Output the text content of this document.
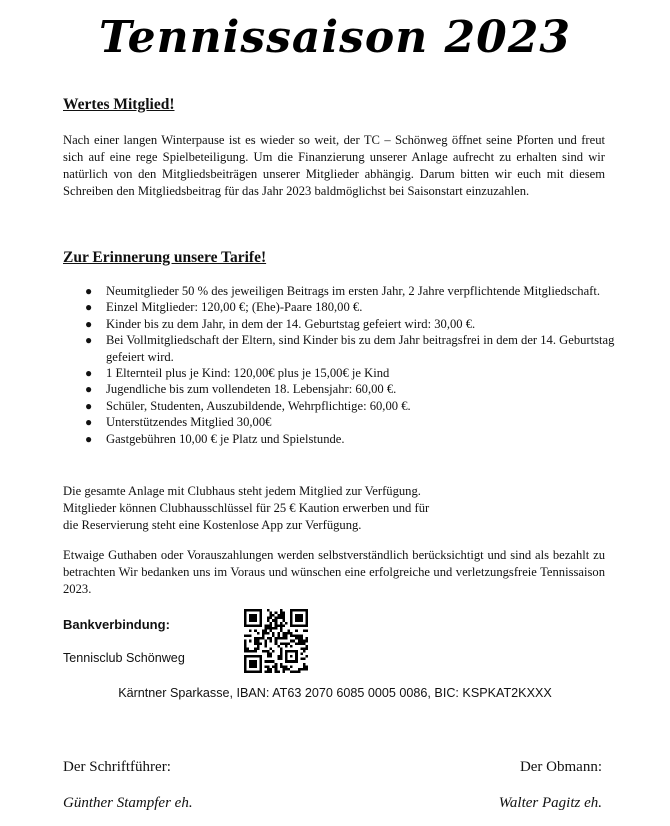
Tennissaison 2023

Wertes Mitglied!

Nach einer langen Winterpause ist es wieder so weit, der TC – Schönweg öffnet seine Pforten und freut sich auf eine rege Spielbeteiligung. Um die Finanzierung unserer Anlage aufrecht zu erhalten sind wir natürlich von den Mitgliedsbeiträgen unserer Mitglieder abhängig. Darum bitten wir euch mit diesem Schreiben den Mitgliedsbeitrag für das Jahr 2023 baldmöglichst bei Saisonstart einzuzahlen.

Zur Erinnerung unsere Tarife!

● Neumitglieder 50 % des jeweiligen Beitrags im ersten Jahr, 2 Jahre verpflichtende Mitgliedschaft.
● Einzel Mitglieder: 120,00 €; (Ehe)-Paare 180,00 €.
● Kinder bis zu dem Jahr, in dem der 14. Geburtstag gefeiert wird: 30,00 €.
● Bei Vollmitgliedschaft der Eltern, sind Kinder bis zu dem Jahr beitragsfrei in dem der 14. Geburtstag gefeiert wird.
● 1 Elternteil plus je Kind: 120,00€ plus je 15,00€ je Kind
● Jugendliche bis zum vollendeten 18. Lebensjahr: 60,00 €.
● Schüler, Studenten, Auszubildende, Wehrpflichtige: 60,00 €.
● Unterstützendes Mitglied 30,00€
● Gastgebühren 10,00 € je Platz und Spielstunde.
Die gesamte Anlage mit Clubhaus steht jedem Mitglied zur Verfügung.
Mitglieder können Clubhausschlüssel für 25 € Kaution erwerben und für
die Reservierung steht eine Kostenlose App zur Verfügung.

Etwaige Guthaben oder Vorauszahlungen werden selbstverständlich berücksichtigt und sind als bezahlt zu betrachten Wir bedanken uns im Voraus und wünschen eine erfolgreiche und verletzungsfreie Tennissaison 2023.

Bankverbindung:

Tennisclub Schönweg

Kärntner Sparkasse, IBAN: AT63 2070 6085 0005 0086, BIC: KSPKAT2KXXX

Der Schriftführer:	Der Obmann:

Günther Stampfer eh.	Walter Pagitz eh.
